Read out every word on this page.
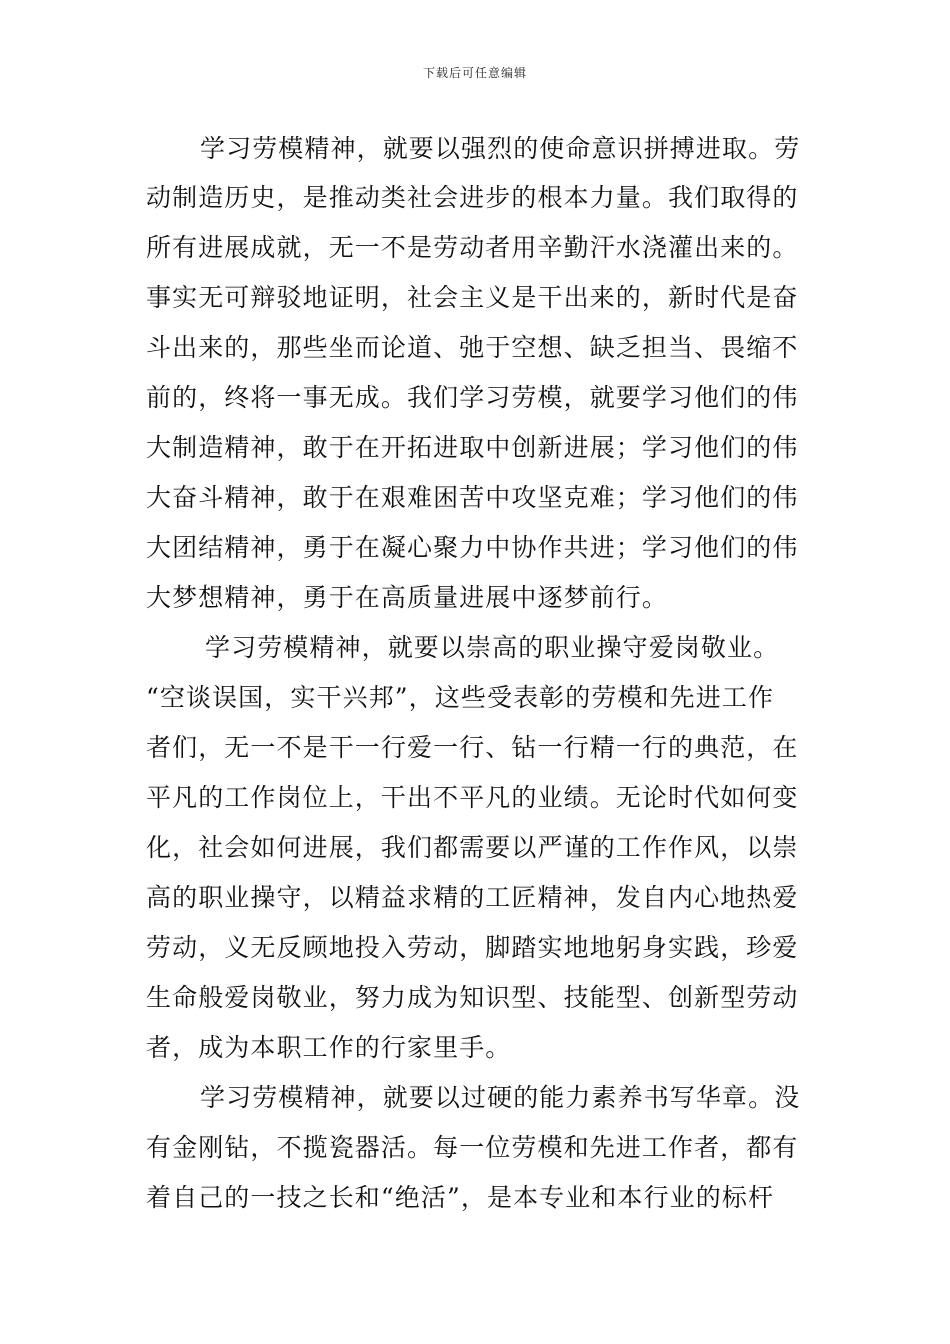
下载后可任意编辑
学习劳模精神，就要以强烈的使命意识拼搏进取。劳
动制造历史，是推动类社会进步的根本力量。我们取得的
所有进展成就，无一不是劳动者用辛勤汗水浇灌出来的。
事实无可辩驳地证明，社会主义是干出来的，新时代是奋
斗出来的，那些坐而论道、弛于空想、缺乏担当、畏缩不
前的，终将一事无成。我们学习劳模，就要学习他们的伟
大制造精神，敢于在开拓进取中创新进展；学习他们的伟
大奋斗精神，敢于在艰难困苦中攻坚克难；学习他们的伟
大团结精神，勇于在凝心聚力中协作共进；学习他们的伟
大梦想精神，勇于在高质量进展中逐梦前行。
学习劳模精神，就要以崇高的职业操守爱岗敬业。
“空谈误国，实干兴邦”，这些受表彰的劳模和先进工作
者们，无一不是干一行爱一行、钻一行精一行的典范，在
平凡的工作岗位上，干出不平凡的业绩。无论时代如何变
化，社会如何进展，我们都需要以严谨的工作作风，以崇
高的职业操守，以精益求精的工匠精神，发自内心地热爱
劳动，义无反顾地投入劳动，脚踏实地地躬身实践，珍爱
生命般爱岗敬业，努力成为知识型、技能型、创新型劳动
者，成为本职工作的行家里手。
学习劳模精神，就要以过硬的能力素养书写华章。没
有金刚钻，不揽瓷器活。每一位劳模和先进工作者，都有
着自己的一技之长和“绝活”，是本专业和本行业的标杆
